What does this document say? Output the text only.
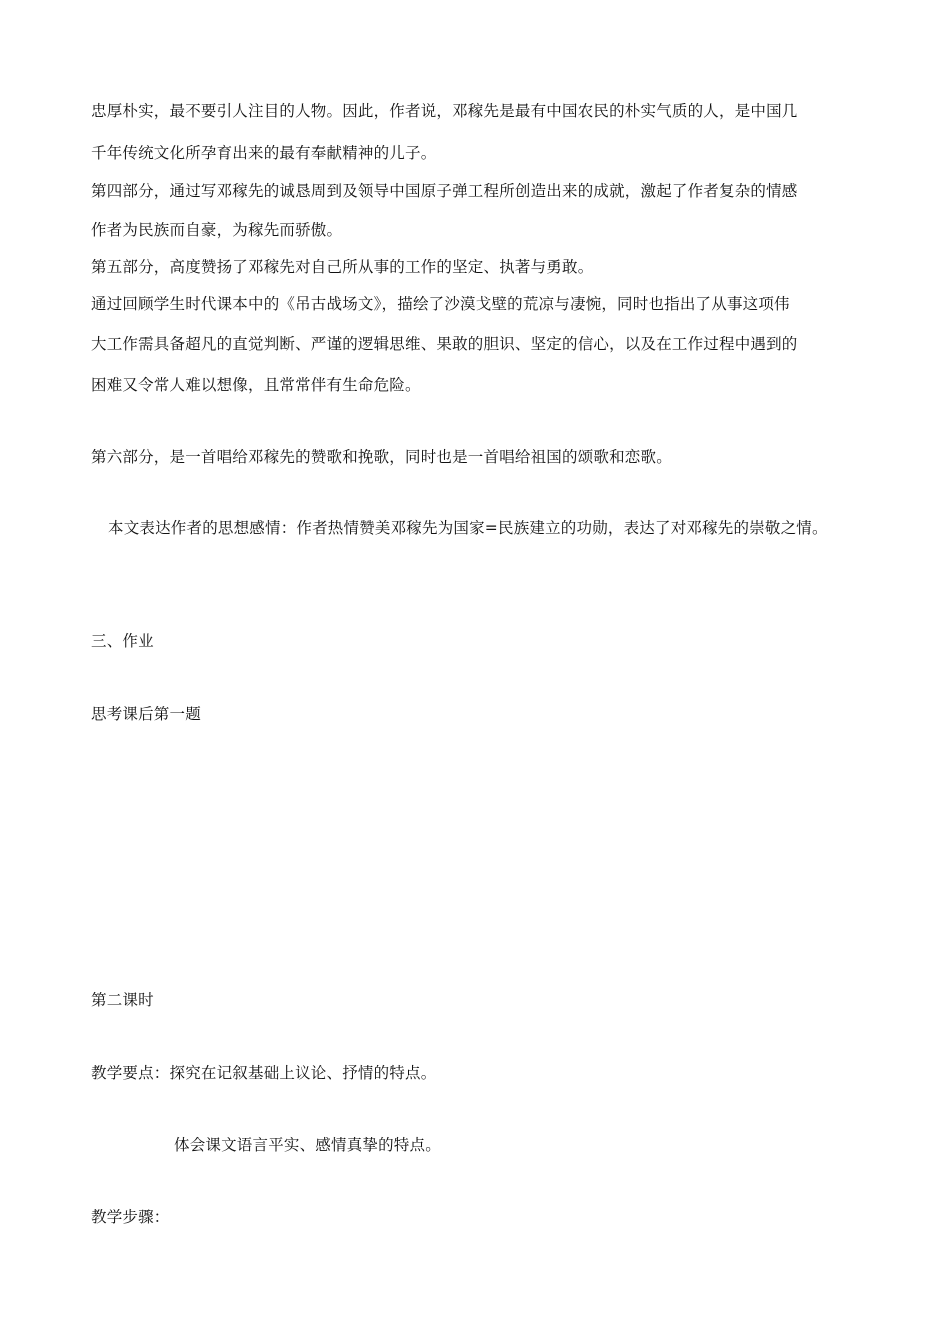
忠厚朴实，最不要引人注目的人物。因此，作者说，邓稼先是最有中国农民的朴实气质的人，是中国几
千年传统文化所孕育出来的最有奉献精神的儿子。
第四部分，通过写邓稼先的诚恳周到及领导中国原子弹工程所创造出来的成就，激起了作者复杂的情感
作者为民族而自豪，为稼先而骄傲。
第五部分，高度赞扬了邓稼先对自己所从事的工作的坚定、执著与勇敢。
通过回顾学生时代课本中的《吊古战场文》，描绘了沙漠戈壁的荒凉与凄惋，同时也指出了从事这项伟
大工作需具备超凡的直觉判断、严谨的逻辑思维、果敢的胆识、坚定的信心，以及在工作过程中遇到的
困难又令常人难以想像，且常常伴有生命危险。
第六部分，是一首唱给邓稼先的赞歌和挽歌，同时也是一首唱给祖国的颂歌和恋歌。
本文表达作者的思想感情：作者热情赞美邓稼先为国家=民族建立的功勋，表达了对邓稼先的崇敬之情。
三、作业
思考课后第一题
第二课时
教学要点：探究在记叙基础上议论、抒情的特点。
体会课文语言平实、感情真挚的特点。
教学步骤：
